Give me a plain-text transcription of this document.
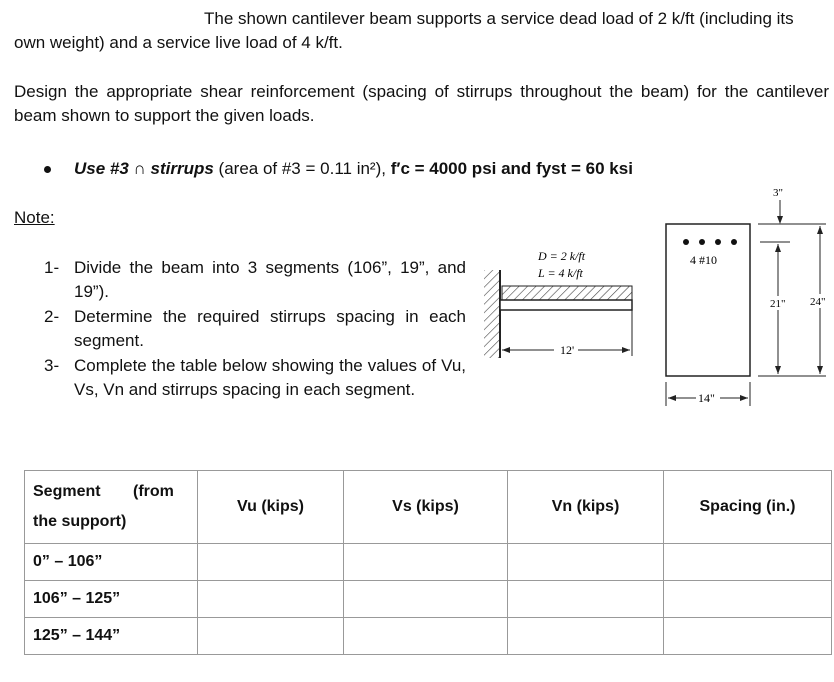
The shown cantilever beam supports a service dead load of 2 k/ft (including its own weight) and a service live load of 4 k/ft.

Design the appropriate shear reinforcement (spacing of stirrups throughout the beam) for the cantilever beam shown to support the given loads.

Use #3 ∩ stirrups (area of #3 = 0.11 in²), f′c = 4000 psi and fyst = 60 ksi

Note:

1- Divide the beam into 3 segments (106”, 19”, and 19”).
2- Determine the required stirrups spacing in each segment.
3- Complete the table below showing the values of Vu, Vs, Vn and stirrups spacing in each segment.
D = 2 k/ft
L = 4 k/ft
12'
4 #10
14"
3"
21" 24"
Segment (from
the support)	Vu (kips)	Vs (kips)	Vn (kips)	Spacing (in.)
0” – 106”				
106” – 125”				
125” – 144”				
